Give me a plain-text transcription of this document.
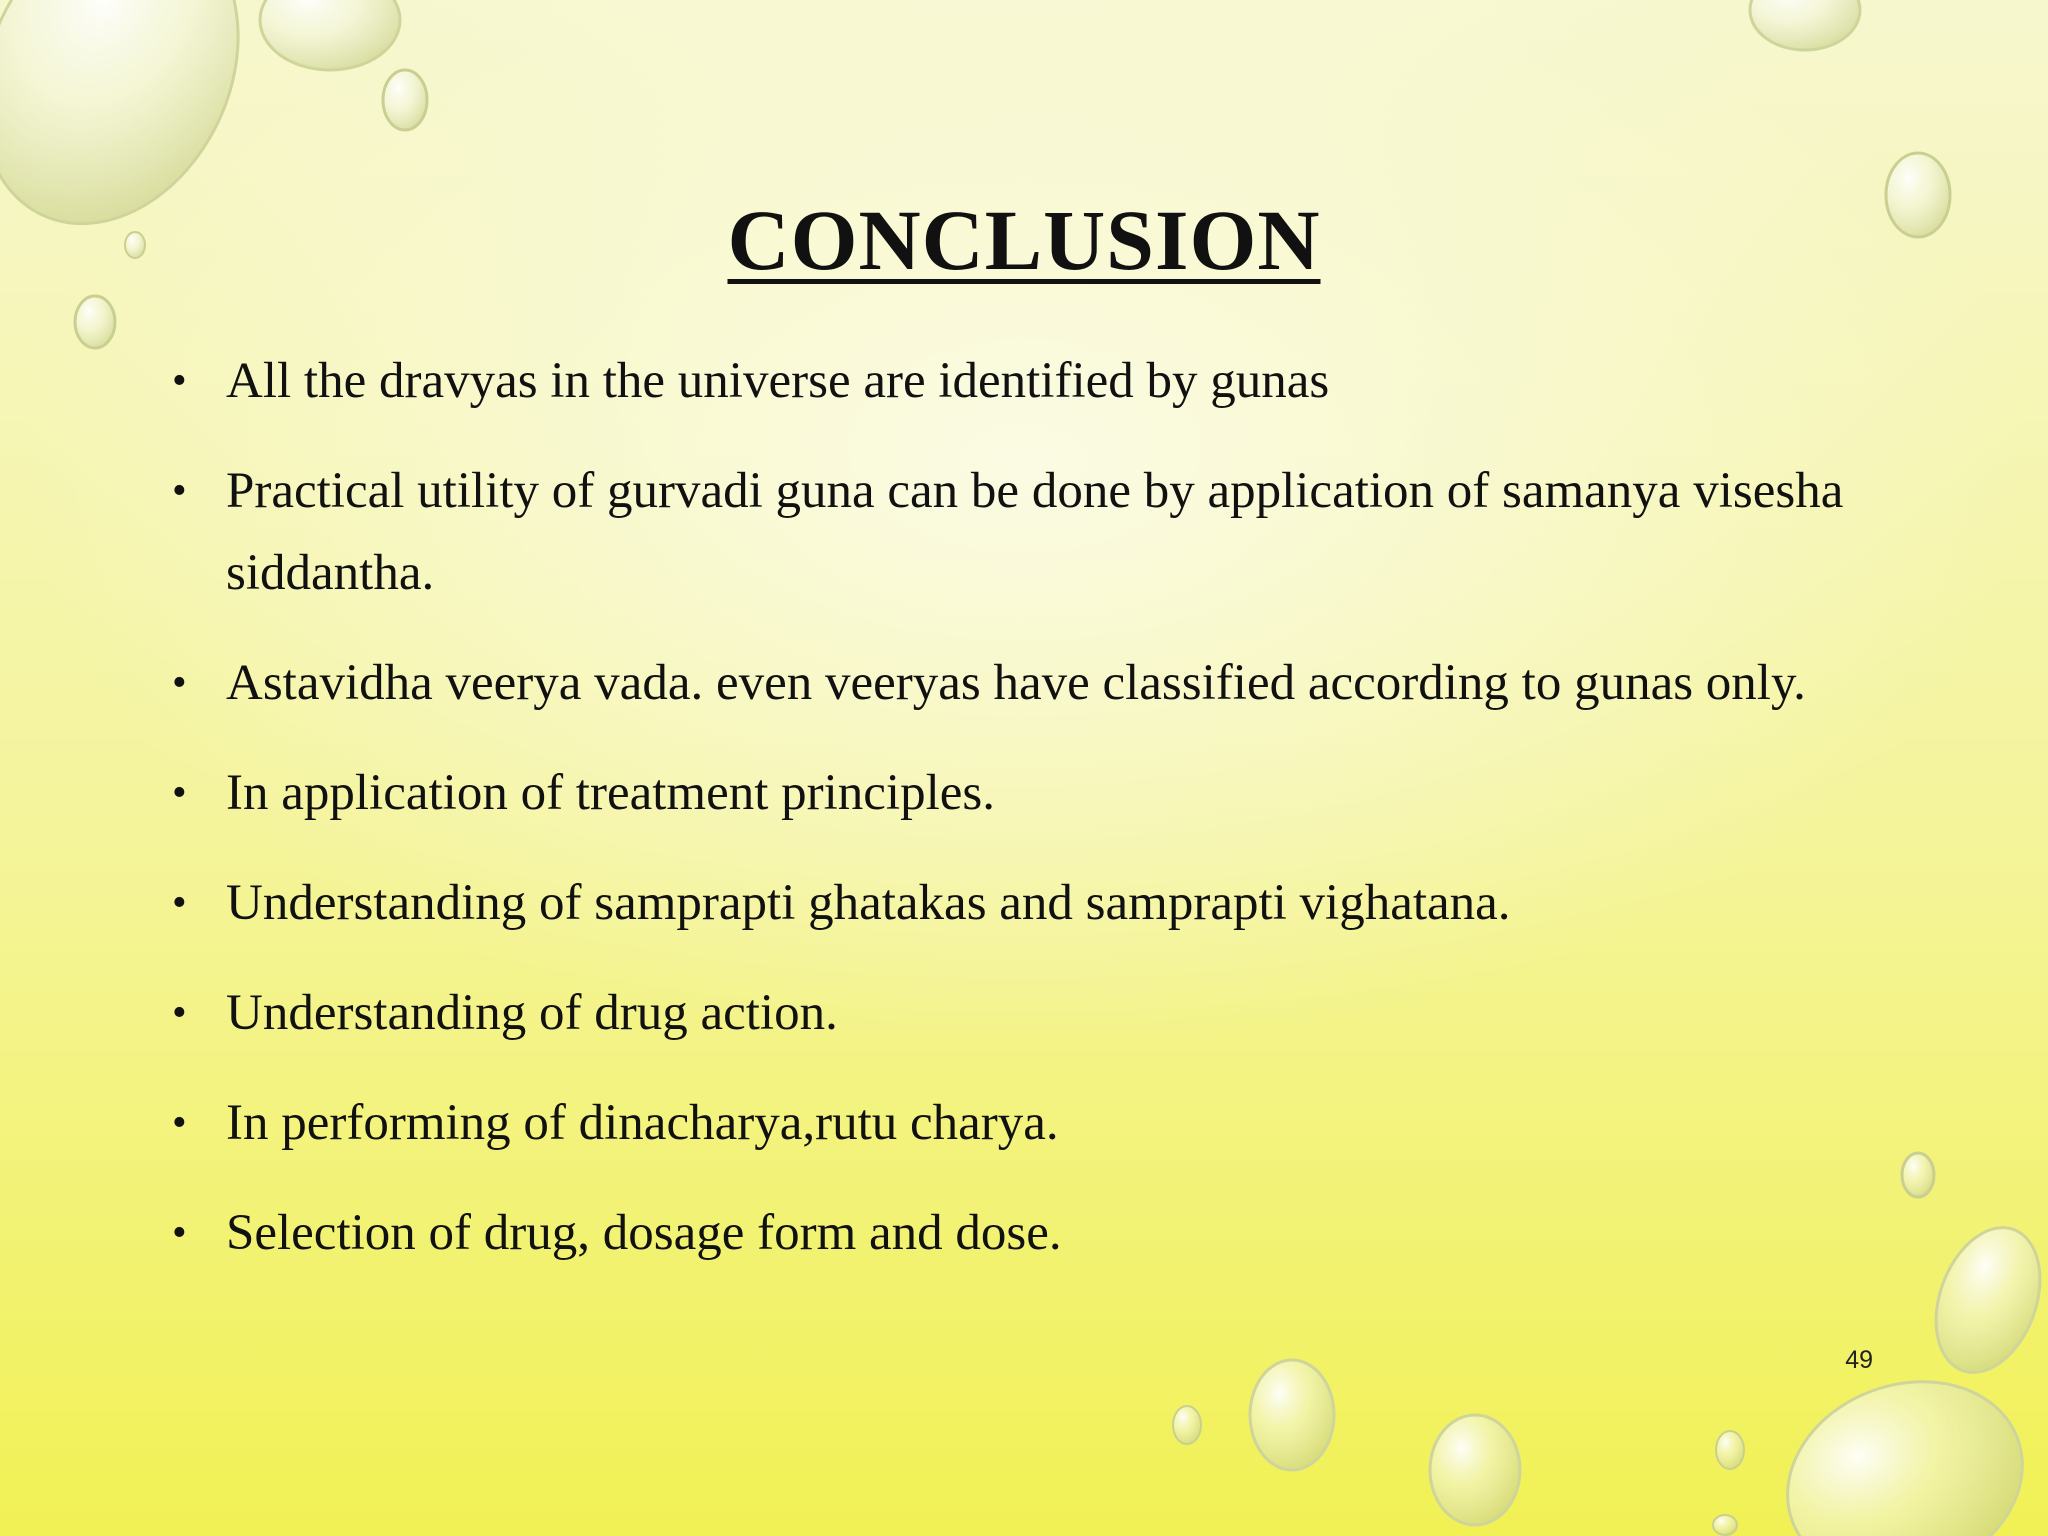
CONCLUSION
• All the dravyas in the universe are identified by gunas
• Practical utility of gurvadi guna can be done by application of samanya visesha siddantha.
• Astavidha veerya vada. even veeryas have classified according to gunas only.
• In application of treatment principles.
• Understanding of samprapti ghatakas and samprapti vighatana.
• Understanding of drug action.
• In performing of dinacharya,rutu charya.
• Selection of drug, dosage form and dose.
49
